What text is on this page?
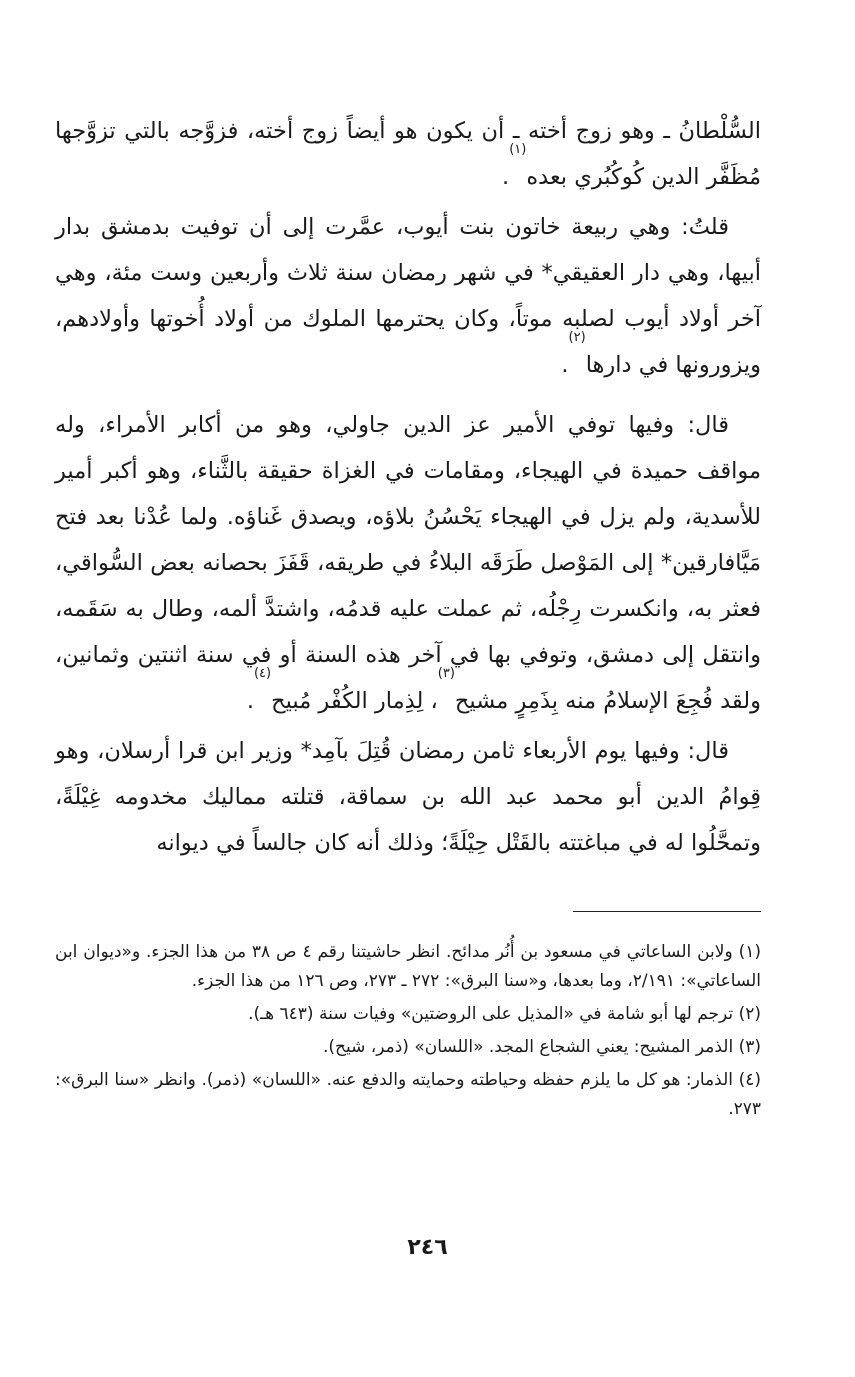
السُّلْطانُ ـ وهو زوج أخته ـ أن يكون هو أيضاً زوج أخته، فزوَّجه بالتي تزوَّجها مُظَفَّر الدين كُوكُبُري بعده$^{(١)}$.

قلتُ: وهي ربيعة خاتون بنت أيوب، عمَّرت إلى أن توفيت بدمشق بدار أبيها، وهي دار العقيقي* في شهر رمضان سنة ثلاث وأربعين وست مئة، وهي آخر أولاد أيوب لصلبه موتاً، وكان يحترمها الملوك من أولاد أُخوتها وأولادهم، ويزورونها في دارها$^{(٢)}$.

قال: وفيها توفي الأمير عز الدين جاولي، وهو من أكابر الأمراء، وله مواقف حميدة في الهيجاء، ومقامات في الغزاة حقيقة بالثَّناء، وهو أكبر أمير للأسدية، ولم يزل في الهيجاء يَحْسُنُ بلاؤه، ويصدق غَناؤه. ولما عُدْنا بعد فتح مَيَّافارقين* إلى المَوْصل طَرَقَه البلاءُ في طريقه، قَفَزَ بحصانه بعض السُّواقي، فعثر به، وانكسرت رِجْلُه، ثم عملت عليه قدمُه، واشتدَّ ألمه، وطال به سَقَمه، وانتقل إلى دمشق، وتوفي بها في آخر هذه السنة أو في سنة اثنتين وثمانين، ولقد فُجِعَ الإسلامُ منه بِذَمِرٍ مشيح$^{(٣)}$، لِذِمار الكُفْر مُبيح$^{(٤)}$.

قال: وفيها يوم الأربعاء ثامن رمضان قُتِلَ بآمِد* وزير ابن قرا أرسلان، وهو قِوامُ الدين أبو محمد عبد الله بن سماقة، قتلته مماليك مخدومه غِيْلَةً، وتمحَّلُوا له في مباغتته بالقَتْل حِيْلَةً؛ وذلك أنه كان جالساً في ديوانه

(١) ولابن الساعاتي في مسعود بن أُنُر مدائح. انظر حاشيتنا رقم ٤ ص ٣٨ من هذا الجزء. و«ديوان ابن الساعاتي»: ٢/١٩١، وما بعدها، و«سنا البرق»: ٢٧٢ ـ ٢٧٣، وص ١٢٦ من هذا الجزء.

(٢) ترجم لها أبو شامة في «المذيل على الروضتين» وفيات سنة (٦٤٣ هـ).

(٣) الذمر المشيح: يعني الشجاع المجد. «اللسان» (ذمر، شيح).

(٤) الذمار: هو كل ما يلزم حفظه وحياطته وحمايته والدفع عنه. «اللسان» (ذمر). وانظر «سنا البرق»: ٢٧٣.

٢٤٦
